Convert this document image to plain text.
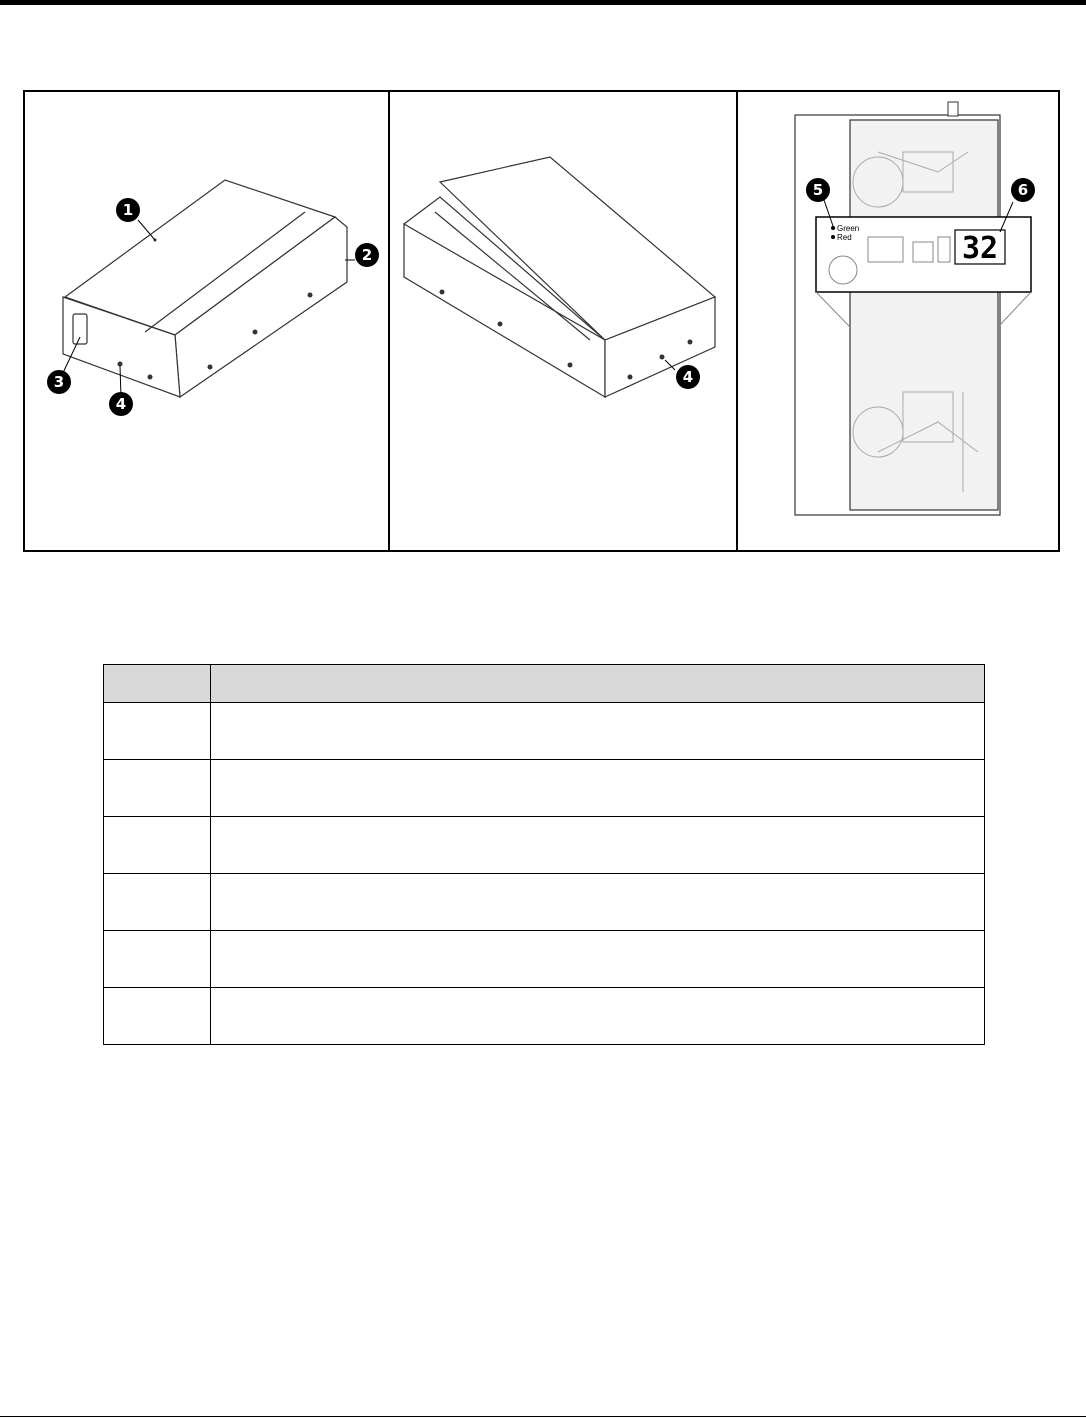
1
2
3
4
4
32
Green
Red
5	6
